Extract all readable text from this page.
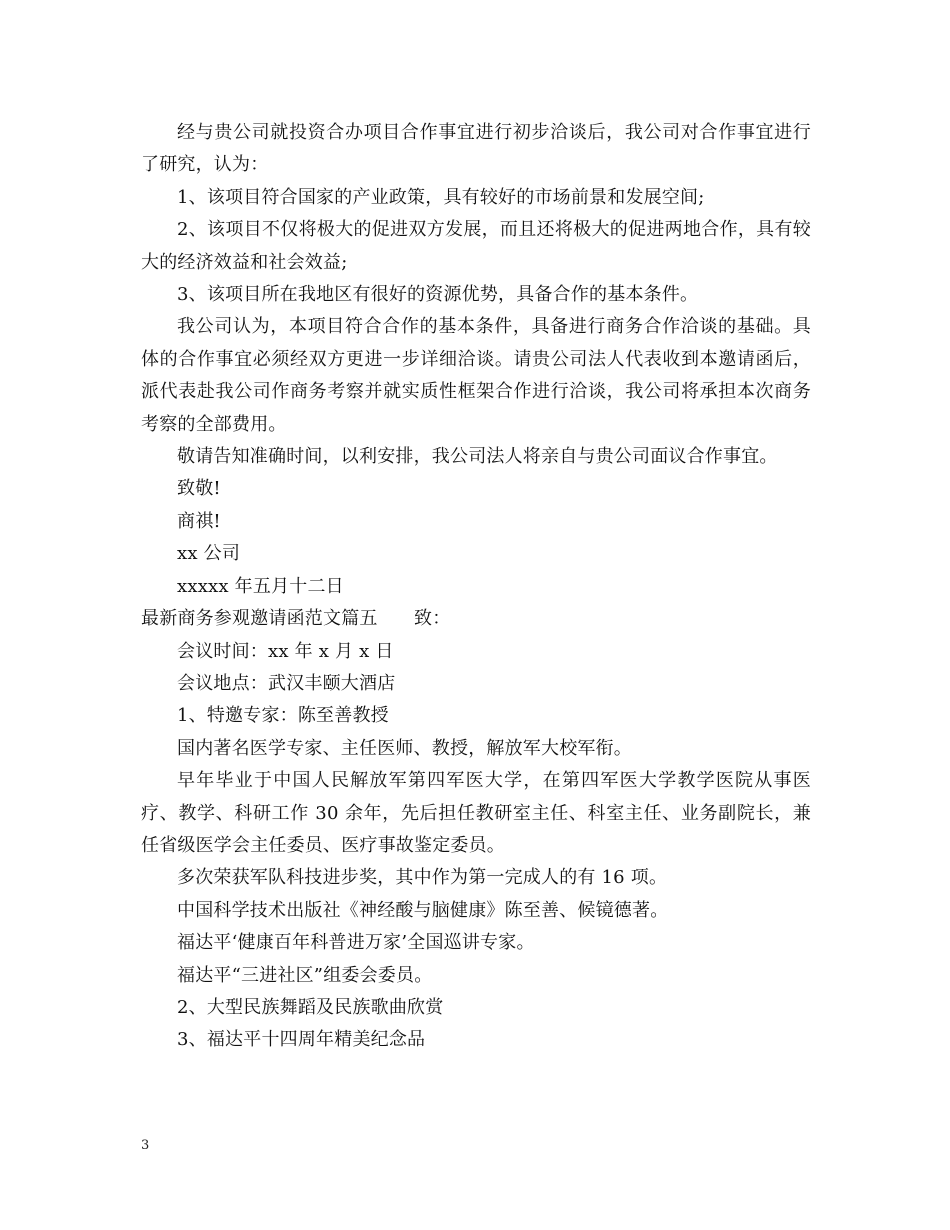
经与贵公司就投资合办项目合作事宜进行初步洽谈后，我公司对合作事宜进行了研究，认为：

1、该项目符合国家的产业政策，具有较好的市场前景和发展空间;

2、该项目不仅将极大的促进双方发展，而且还将极大的促进两地合作，具有较大的经济效益和社会效益;

3、该项目所在我地区有很好的资源优势，具备合作的基本条件。

我公司认为，本项目符合合作的基本条件，具备进行商务合作洽谈的基础。具体的合作事宜必须经双方更进一步详细洽谈。请贵公司法人代表收到本邀请函后，派代表赴我公司作商务考察并就实质性框架合作进行洽谈，我公司将承担本次商务考察的全部费用。

敬请告知准确时间，以利安排，我公司法人将亲自与贵公司面议合作事宜。

致敬!

商祺!

xx 公司

xxxxx 年五月十二日

最新商务参观邀请函范文篇五　　致：

会议时间：xx 年 x 月 x 日

会议地点：武汉丰颐大酒店

1、特邀专家：陈至善教授

国内著名医学专家、主任医师、教授，解放军大校军衔。

早年毕业于中国人民解放军第四军医大学，在第四军医大学教学医院从事医疗、教学、科研工作 30 余年，先后担任教研室主任、科室主任、业务副院长，兼任省级医学会主任委员、医疗事故鉴定委员。

多次荣获军队科技进步奖，其中作为第一完成人的有 16 项。

中国科学技术出版社《神经酸与脑健康》陈至善、候镜德著。

福达平‘健康百年科普进万家’全国巡讲专家。

福达平“三进社区”组委会委员。

2、大型民族舞蹈及民族歌曲欣赏

3、福达平十四周年精美纪念品

3
